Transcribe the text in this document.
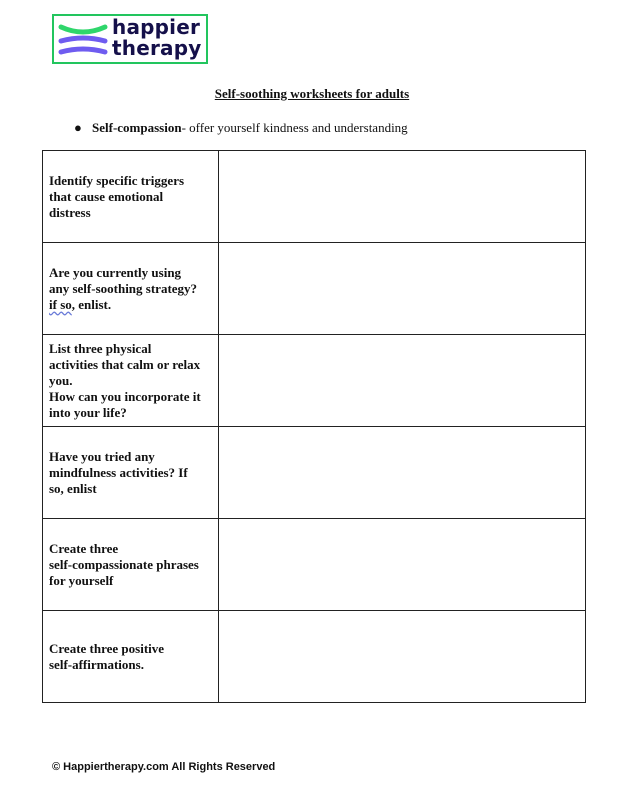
happier
therapy
Self-soothing worksheets for adults
● Self-compassion- offer yourself kindness and understanding
Identify specific triggers
that cause emotional
distress	

Are you currently using
any self-soothing strategy?
if so, enlist.	

List three physical
activities that calm or relax
you.
How can you incorporate it
into your life?	

Have you tried any
mindfulness activities? If
so, enlist	

Create three
self-compassionate phrases
for yourself	

Create three positive
self-affirmations.	

© Happiertherapy.com All Rights Reserved
